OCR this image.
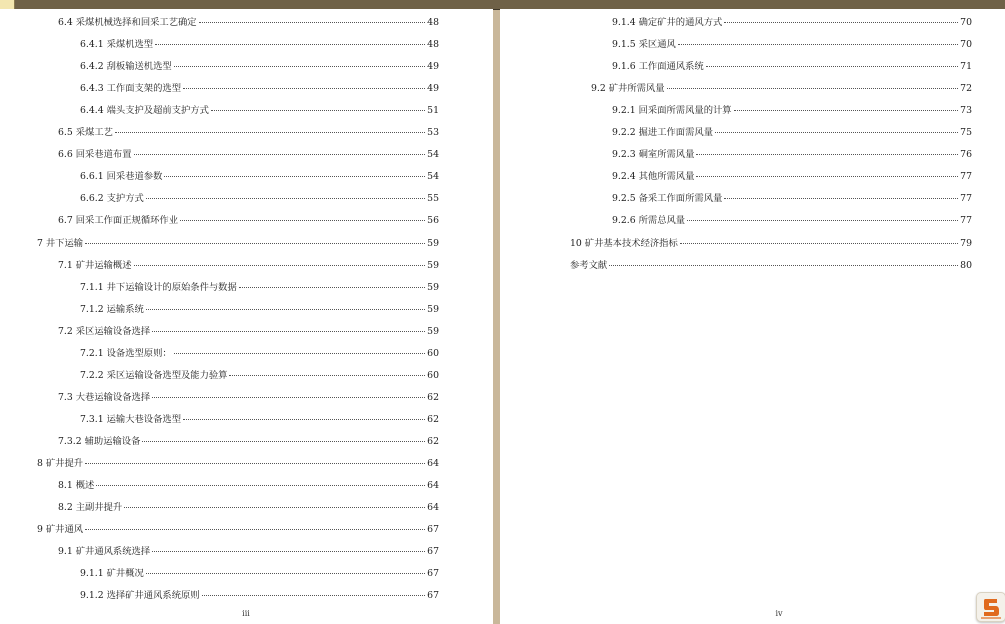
iii
6.4 采煤机械选择和回采工艺确定	48
6.4.1 采煤机选型	48
6.4.2 刮板输送机选型	49
6.4.3 工作面支架的选型	49
6.4.4 端头支护及超前支护方式	51
6.5 采煤工艺	53
6.6 回采巷道布置	54
6.6.1 回采巷道参数	54
6.6.2 支护方式	55
6.7 回采工作面正规循环作业	56
7 井下运输	59
7.1 矿井运输概述	59
7.1.1 井下运输设计的原始条件与数据	59
7.1.2 运输系统	59
7.2 采区运输设备选择	59
7.2.1 设备选型原则：	60
7.2.2 采区运输设备选型及能力验算	60
7.3 大巷运输设备选择	62
7.3.1 运输大巷设备选型	62
7.3.2 辅助运输设备	62
8 矿井提升	64
8.1 概述	64
8.2 主副井提升	64
9 矿井通风	67
9.1 矿井通风系统选择	67
9.1.1 矿井概况	67
9.1.2 选择矿井通风系统原则	67
iv
9.1.4 确定矿井的通风方式	70
9.1.5 采区通风	70
9.1.6 工作面通风系统	71
9.2 矿井所需风量	72
9.2.1 回采面所需风量的计算	73
9.2.2 掘进工作面需风量	75
9.2.3 硐室所需风量	76
9.2.4 其他所需风量	77
9.2.5 备采工作面所需风量	77
9.2.6 所需总风量	77
10 矿井基本技术经济指标	79
参考文献	80
